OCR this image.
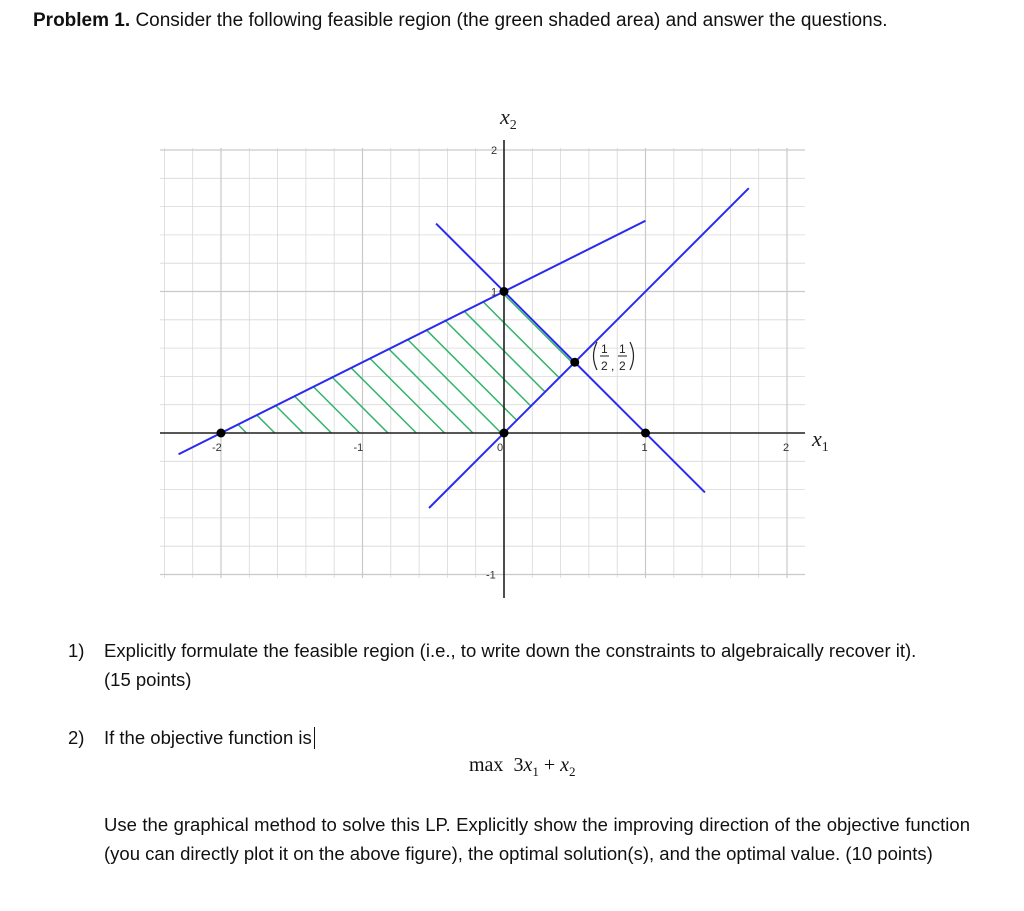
Problem 1. Consider the following feasible region (the green shaded area) and answer the questions.

-2	-1	0	1	2
2
1
-1
$x_1$
$x_2$
1
2 ,
1
2
1) Explicitly formulate the feasible region (i.e., to write down the constraints to algebraically recover it). (15 points)
2) If the objective function is
$\max 3x_1 + x_2$
Use the graphical method to solve this LP. Explicitly show the improving direction of the objective function (you can directly plot it on the above figure), the optimal solution(s), and the optimal value. (10 points)
